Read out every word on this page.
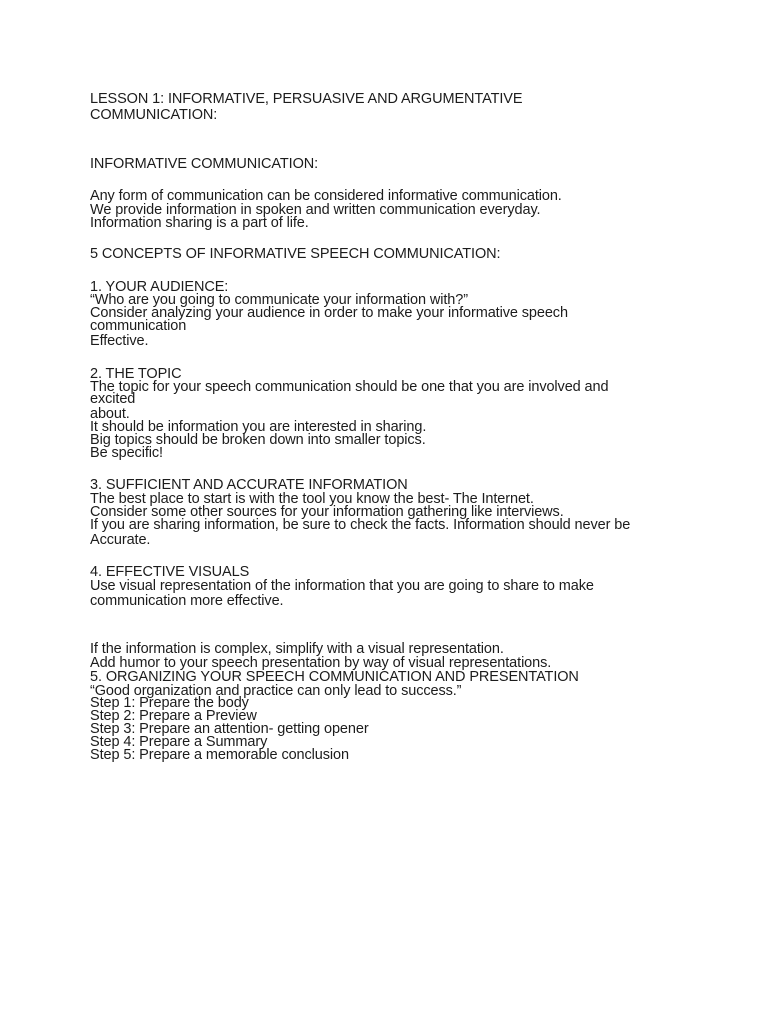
LESSON 1: INFORMATIVE, PERSUASIVE AND ARGUMENTATIVE

COMMUNICATION:

INFORMATIVE COMMUNICATION:

Any form of communication can be considered informative communication.

We provide information in spoken and written communication everyday.

Information sharing is a part of life.

5 CONCEPTS OF INFORMATIVE SPEECH COMMUNICATION:

1. YOUR AUDIENCE:

“Who are you going to communicate your information with?”

Consider analyzing your audience in order to make your informative speech

communication

Effective.

2. THE TOPIC

The topic for your speech communication should be one that you are involved and

excited

about.

It should be information you are interested in sharing.

Big topics should be broken down into smaller topics.

Be specific!

3. SUFFICIENT AND ACCURATE INFORMATION

The best place to start is with the tool you know the best- The Internet.

Consider some other sources for your information gathering like interviews.

If you are sharing information, be sure to check the facts. Information should never be

Accurate.

4. EFFECTIVE VISUALS

Use visual representation of the information that you are going to share to make

communication more effective.

If the information is complex, simplify with a visual representation.

Add humor to your speech presentation by way of visual representations.

5. ORGANIZING YOUR SPEECH COMMUNICATION AND PRESENTATION

“Good organization and practice can only lead to success.”

Step 1: Prepare the body

Step 2: Prepare a Preview

Step 3: Prepare an attention- getting opener

Step 4: Prepare a Summary

Step 5: Prepare a memorable conclusion
